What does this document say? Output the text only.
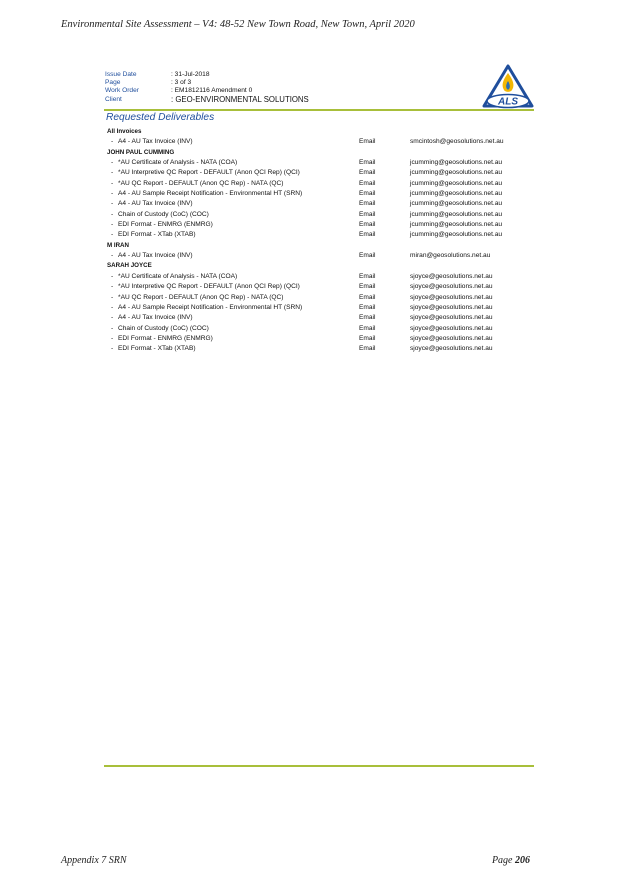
Environmental Site Assessment – V4: 48-52 New Town Road, New Town, April 2020
Issue Date	: 31-Jul-2018
Page	: 3 of 3
Work Order	: EM1812116 Amendment 0
Client	: GEO-ENVIRONMENTAL SOLUTIONS	ALS
Requested Deliverables
All Invoices
- A4 - AU Tax Invoice (INV)	Email	smcintosh@geosolutions.net.au
JOHN PAUL CUMMING
- *AU Certificate of Analysis - NATA (COA)	Email	jcumming@geosolutions.net.au
- *AU Interpretive QC Report - DEFAULT (Anon QCI Rep) (QCI)	Email	jcumming@geosolutions.net.au
- *AU QC Report - DEFAULT (Anon QC Rep) - NATA (QC)	Email	jcumming@geosolutions.net.au
- A4 - AU Sample Receipt Notification - Environmental HT (SRN)	Email	jcumming@geosolutions.net.au
- A4 - AU Tax Invoice (INV)	Email	jcumming@geosolutions.net.au
- Chain of Custody (CoC) (COC)	Email	jcumming@geosolutions.net.au
- EDI Format - ENMRG (ENMRG)	Email	jcumming@geosolutions.net.au
- EDI Format - XTab (XTAB)	Email	jcumming@geosolutions.net.au
M IRAN
- A4 - AU Tax Invoice (INV)	Email	miran@geosolutions.net.au
SARAH JOYCE
- *AU Certificate of Analysis - NATA (COA)	Email	sjoyce@geosolutions.net.au
- *AU Interpretive QC Report - DEFAULT (Anon QCI Rep) (QCI)	Email	sjoyce@geosolutions.net.au
- *AU QC Report - DEFAULT (Anon QC Rep) - NATA (QC)	Email	sjoyce@geosolutions.net.au
- A4 - AU Sample Receipt Notification - Environmental HT (SRN)	Email	sjoyce@geosolutions.net.au
- A4 - AU Tax Invoice (INV)	Email	sjoyce@geosolutions.net.au
- Chain of Custody (CoC) (COC)	Email	sjoyce@geosolutions.net.au
- EDI Format - ENMRG (ENMRG)	Email	sjoyce@geosolutions.net.au
- EDI Format - XTab (XTAB)	Email	sjoyce@geosolutions.net.au
Appendix 7 SRN	Page 206
